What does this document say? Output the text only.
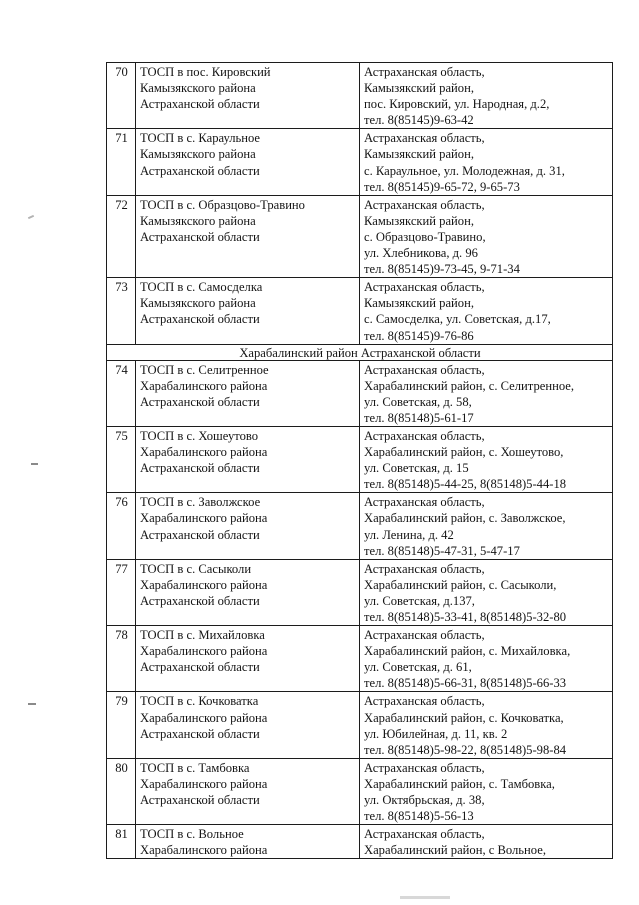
70	ТОСП в пос. Кировский
Камызякского района
Астраханской области	Астраханская область,
Камызякский район,
пос. Кировский, ул. Народная, д.2,
тел. 8(85145)9-63-42

71	ТОСП в с. Караульное
Камызякского района
Астраханской области	Астраханская область,
Камызякский район,
с. Караульное, ул. Молодежная, д. 31,
тел. 8(85145)9-65-72, 9-65-73

72	ТОСП в с. Образцово-Травино
Камызякского района
Астраханской области	Астраханская область,
Камызякский район,
с. Образцово-Травино,
ул. Хлебникова, д. 96
тел. 8(85145)9-73-45, 9-71-34

73	ТОСП в с. Самосделка
Камызякского района
Астраханской области	Астраханская область,
Камызякский район,
с. Самосделка, ул. Советская, д.17,
тел. 8(85145)9-76-86

Харабалинский район Астраханской области		
74	ТОСП в с. Селитренное
Харабалинского района
Астраханской области	Астраханская область,
Харабалинский район, с. Селитренное,
ул. Советская, д. 58,
тел. 8(85148)5-61-17

75	ТОСП в с. Хошеутово
Харабалинского района
Астраханской области	Астраханская область,
Харабалинский район, с. Хошеутово,
ул. Советская, д. 15
тел. 8(85148)5-44-25, 8(85148)5-44-18

76	ТОСП в с. Заволжское
Харабалинского района
Астраханской области	Астраханская область,
Харабалинский район, с. Заволжское,
ул. Ленина, д. 42
тел. 8(85148)5-47-31, 5-47-17

77	ТОСП в с. Сасыколи
Харабалинского района
Астраханской области	Астраханская область,
Харабалинский район, с. Сасыколи,
ул. Советская, д.137,
тел. 8(85148)5-33-41, 8(85148)5-32-80

78	ТОСП в с. Михайловка
Харабалинского района
Астраханской области	Астраханская область,
Харабалинский район, с. Михайловка,
ул. Советская, д. 61,
тел. 8(85148)5-66-31, 8(85148)5-66-33

79	ТОСП в с. Кочковатка
Харабалинского района
Астраханской области	Астраханская область,
Харабалинский район, с. Кочковатка,
ул. Юбилейная, д. 11, кв. 2
тел. 8(85148)5-98-22, 8(85148)5-98-84

80	ТОСП в с. Тамбовка
Харабалинского района
Астраханской области	Астраханская область,
Харабалинский район, с. Тамбовка,
ул. Октябрьская, д. 38,
тел. 8(85148)5-56-13

81	ТОСП в с. Вольное
Харабалинского района	Астраханская область,
Харабалинский район, с Вольное,
